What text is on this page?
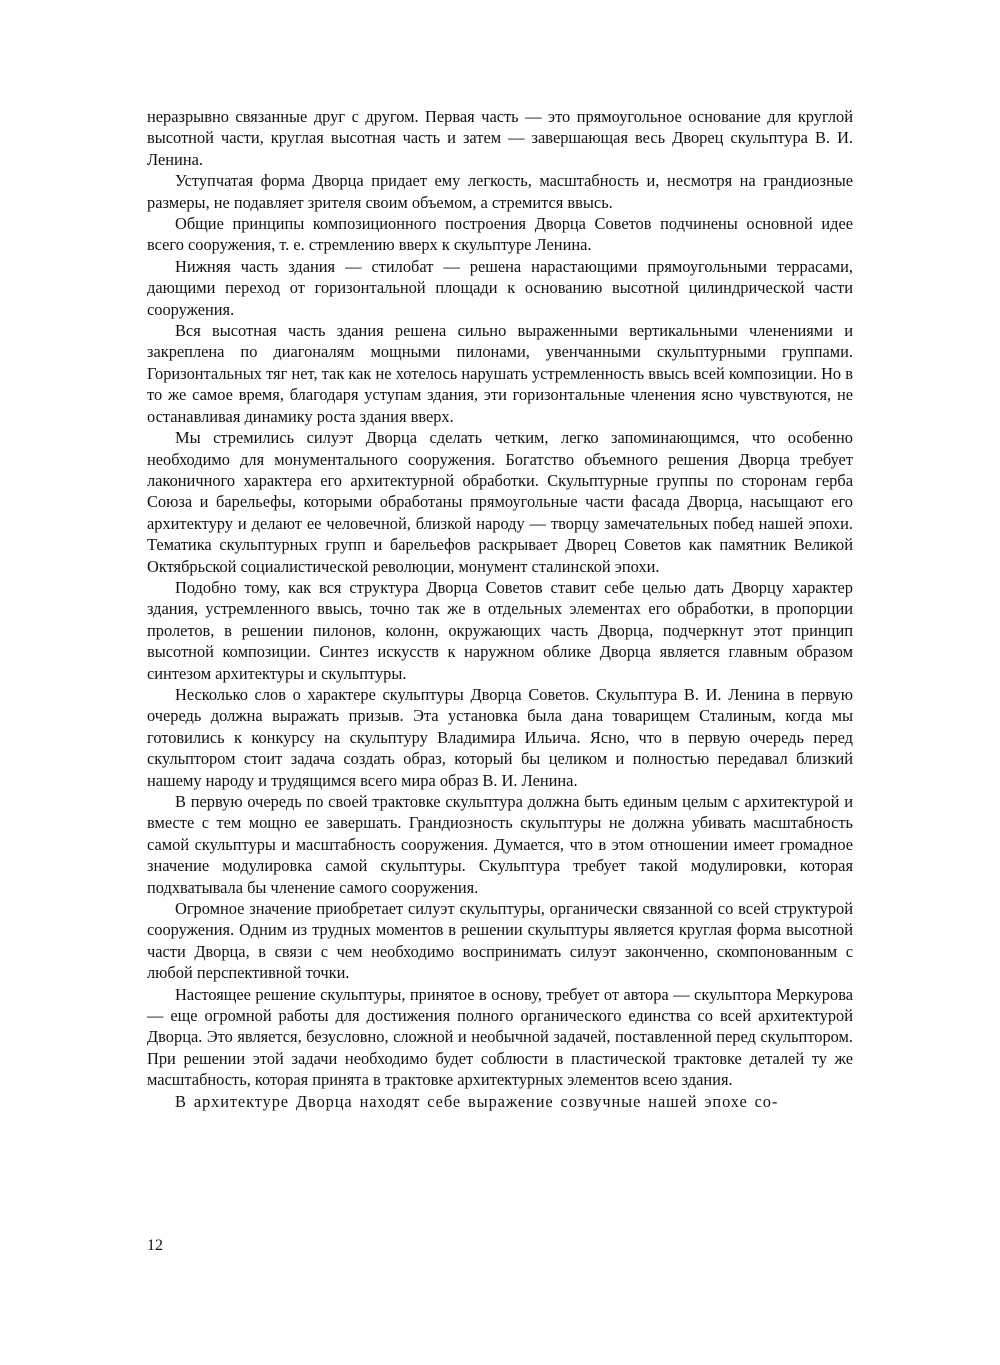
неразрывно связанные друг с другом. Первая часть — это прямоугольное основание для круглой высотной части, круглая высотная часть и затем — завершающая весь Дворец скульптура В. И. Ленина.

Уступчатая форма Дворца придает ему легкость, масштабность и, несмотря на грандиозные размеры, не подавляет зрителя своим объемом, а стремится ввысь.

Общие принципы композиционного построения Дворца Советов подчинены основной идее всего сооружения, т. е. стремлению вверх к скульптуре Ленина.

Нижняя часть здания — стилобат — решена нарастающими прямоугольными террасами, дающими переход от горизонтальной площади к основанию высотной цилиндрической части сооружения.

Вся высотная часть здания решена сильно выраженными вертикальными членениями и закреплена по диагоналям мощными пилонами, увенчанными скульптурными группами. Горизонтальных тяг нет, так как не хотелось нарушать устремленность ввысь всей композиции. Но в то же самое время, благодаря уступам здания, эти горизонтальные членения ясно чувствуются, не останавливая динамику роста здания вверх.

Мы стремились силуэт Дворца сделать четким, легко запоминающимся, что особенно необходимо для монументального сооружения. Богатство объемного решения Дворца требует лаконичного характера его архитектурной обработки. Скульптурные группы по сторонам герба Союза и барельефы, которыми обработаны прямоугольные части фасада Дворца, насыщают его архитектуру и делают ее человечной, близкой народу — творцу замечательных побед нашей эпохи. Тематика скульптурных групп и барельефов раскрывает Дворец Советов как памятник Великой Октябрьской социалистической революции, монумент сталинской эпохи.

Подобно тому, как вся структура Дворца Советов ставит себе целью дать Дворцу характер здания, устремленного ввысь, точно так же в отдельных элементах его обработки, в пропорции пролетов, в решении пилонов, колонн, окружающих часть Дворца, подчеркнут этот принцип высотной композиции. Синтез искусств к наружном облике Дворца является главным образом синтезом архитектуры и скульптуры.

Несколько слов о характере скульптуры Дворца Советов. Скульптура В. И. Ленина в первую очередь должна выражать призыв. Эта установка была дана товарищем Сталиным, когда мы готовились к конкурсу на скульптуру Владимира Ильича. Ясно, что в первую очередь перед скульптором стоит задача создать образ, который бы целиком и полностью передавал близкий нашему народу и трудящимся всего мира образ В. И. Ленина.

В первую очередь по своей трактовке скульптура должна быть единым целым с архитектурой и вместе с тем мощно ее завершать. Грандиозность скульптуры не должна убивать масштабность самой скульптуры и масштабность сооружения. Думается, что в этом отношении имеет громадное значение модулировка самой скульптуры. Скульптура требует такой модулировки, которая подхватывала бы членение самого сооружения.

Огромное значение приобретает силуэт скульптуры, органически связанной со всей структурой сооружения. Одним из трудных моментов в решении скульптуры является круглая форма высотной части Дворца, в связи с чем необходимо воспринимать силуэт законченно, скомпонованным с любой перспективной точки.

Настоящее решение скульптуры, принятое в основу, требует от автора — скульптора Меркурова — еще огромной работы для достижения полного органического единства со всей архитектурой Дворца. Это является, безусловно, сложной и необычной задачей, поставленной перед скульптором. При решении этой задачи необходимо будет соблюсти в пластической трактовке деталей ту же масштабность, которая принята в трактовке архитектурных элементов всею здания.

В архитектуре Дворца находят себе выражение созвучные нашей эпохе со-

12
